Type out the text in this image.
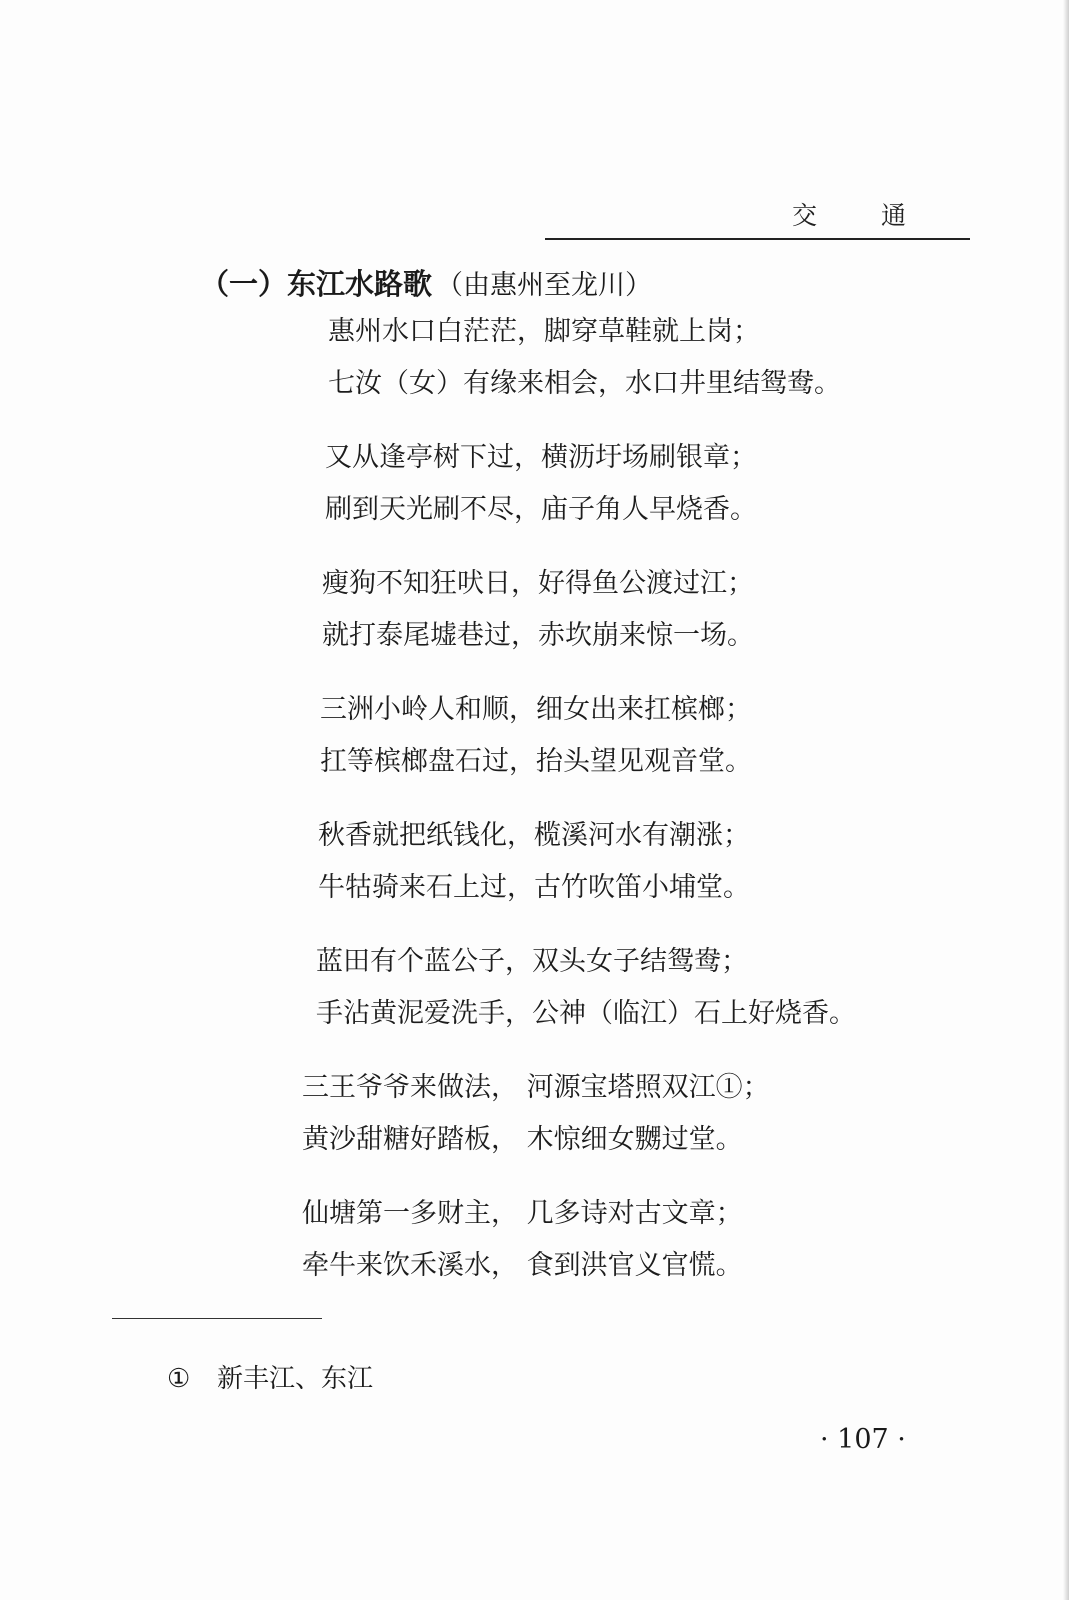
交 通
（一）东江水路歌 （由惠州至龙川）
惠州水口白茫茫，脚穿草鞋就上岗；
七汝（女）有缘来相会，水口井里结鸳鸯。
又从逢亭树下过，横沥圩场刷银章；
刷到天光刷不尽，庙子角人早烧香。
瘦狗不知狂吠日，好得鱼公渡过江；
就打泰尾墟巷过，赤坎崩来惊一场。
三洲小岭人和顺，细女出来扛槟榔；
扛等槟榔盘石过，抬头望见观音堂。
秋香就把纸钱化，榄溪河水有潮涨；
牛牯骑来石上过，古竹吹笛小埔堂。
蓝田有个蓝公子，双头女子结鸳鸯；
手沾黄泥爱洗手，公神（临江）石上好烧香。
三王爷爷来做法， 河源宝塔照双江①；
黄沙甜糖好踏板， 木惊细女嬲过堂。
仙塘第一多财主， 几多诗对古文章；
牵牛来饮禾溪水， 食到洪官义官慌。
① 新丰江、东江
· 107 ·
